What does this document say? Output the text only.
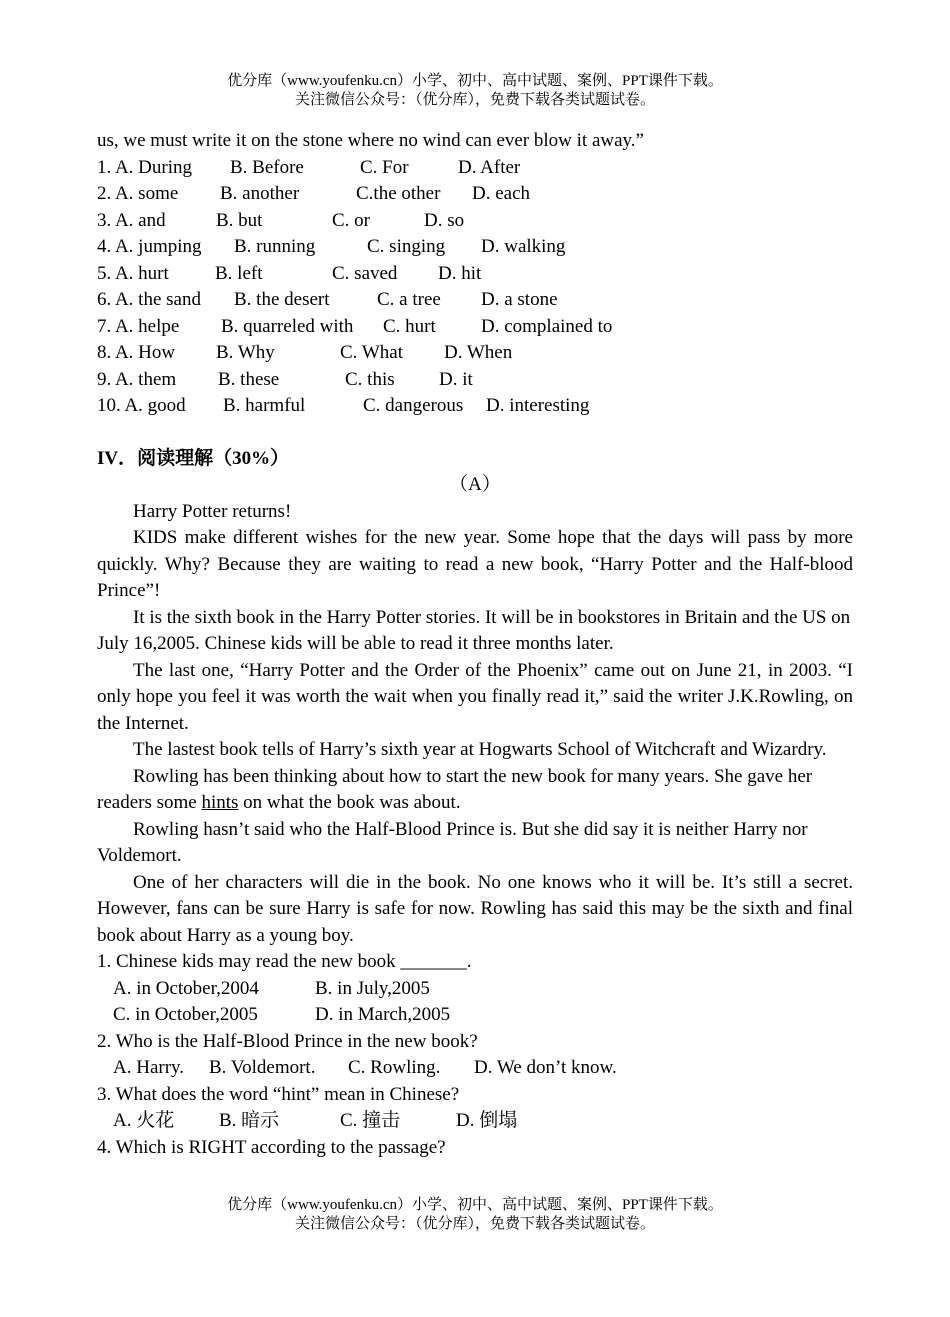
优分库（www.youfenku.cn）小学、初中、高中试题、案例、PPT课件下载。
关注微信公众号：（优分库），免费下载各类试题试卷。
us, we must write it on the stone where no wind can ever blow it away.”
1. A. During B. Before	C. For	D. After
2. A. some B. another	C.the other D. each
3. A. and	B. but	C. or	D. so
4. A. jumping B. running	C. singing D. walking
5. A. hurt B. left	C. saved D. hit
6. A. the sand B. the desert C. a tree D. a stone
7. A. helpe B. quarreled with C. hurt D. complained to
8. A. How B. Why	C. What D. When
9. A. them B. these	C. this D. it
10. A. good B. harmful	C. dangerous D. interesting
IV．阅读理解（30%）
（A）
Harry Potter returns!
KIDS make different wishes for the new year. Some hope that the days will pass by more quickly. Why? Because they are waiting to read a new book, “Harry Potter and the Half-blood Prince”!
It is the sixth book in the Harry Potter stories. It will be in bookstores in Britain and the US on July 16,2005. Chinese kids will be able to read it three months later.
The last one, “Harry Potter and the Order of the Phoenix” came out on June 21, in 2003. “I only hope you feel it was worth the wait when you finally read it,” said the writer J.K.Rowling, on the Internet.
The lastest book tells of Harry’s sixth year at Hogwarts School of Witchcraft and Wizardry.
Rowling has been thinking about how to start the new book for many years. She gave her readers some hints on what the book was about.
Rowling hasn’t said who the Half-Blood Prince is. But she did say it is neither Harry nor Voldemort.
One of her characters will die in the book. No one knows who it will be. It’s still a secret. However, fans can be sure Harry is safe for now. Rowling has said this may be the sixth and final book about Harry as a young boy.
1. Chinese kids may read the new book _______.
A. in October,2004	B. in July,2005
C. in October,2005	D. in March,2005
2. Who is the Half-Blood Prince in the new book?
A. Harry. B. Voldemort. C. Rowling. D. We don’t know.
3. What does the word “hint” mean in Chinese?
A. 火花 B. 暗示	C. 撞击	D. 倒塌
4. Which is RIGHT according to the passage?
优分库（www.youfenku.cn）小学、初中、高中试题、案例、PPT课件下载。
关注微信公众号：（优分库），免费下载各类试题试卷。
